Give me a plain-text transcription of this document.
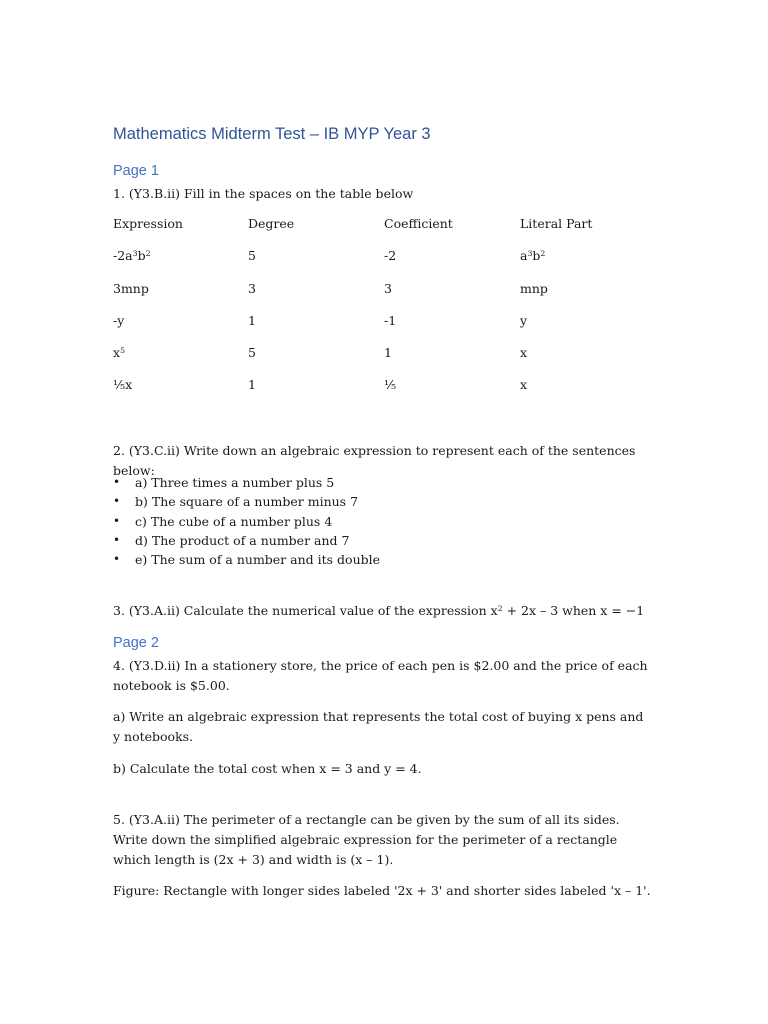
Mathematics Midterm Test – IB MYP Year 3
Page 1
1. (Y3.B.ii) Fill in the spaces on the table below
Expression	Degree	Coefficient	Literal Part
$-2a^3b^2$	5	-2	$a^3b^2$
3mnp	3	3	mnp
-y	1	-1	y
$x^5$	5	1	x
⅕x	1	⅕	x
2. (Y3.C.ii) Write down an algebraic expression to represent each of the sentences below:
• a) Three times a number plus 5
• b) The square of a number minus 7
• c) The cube of a number plus 4
• d) The product of a number and 7
• e) The sum of a number and its double
3. (Y3.A.ii) Calculate the numerical value of the expression $x^2 + 2x - 3$ when x = −1
Page 2
4. (Y3.D.ii) In a stationery store, the price of each pen is $2.00 and the price of each notebook is $5.00.
a) Write an algebraic expression that represents the total cost of buying x pens and y notebooks.
b) Calculate the total cost when x = 3 and y = 4.
5. (Y3.A.ii) The perimeter of a rectangle can be given by the sum of all its sides. Write down the simplified algebraic expression for the perimeter of a rectangle which length is (2x + 3) and width is (x – 1).
Figure: Rectangle with longer sides labeled '2x + 3' and shorter sides labeled 'x – 1'.
